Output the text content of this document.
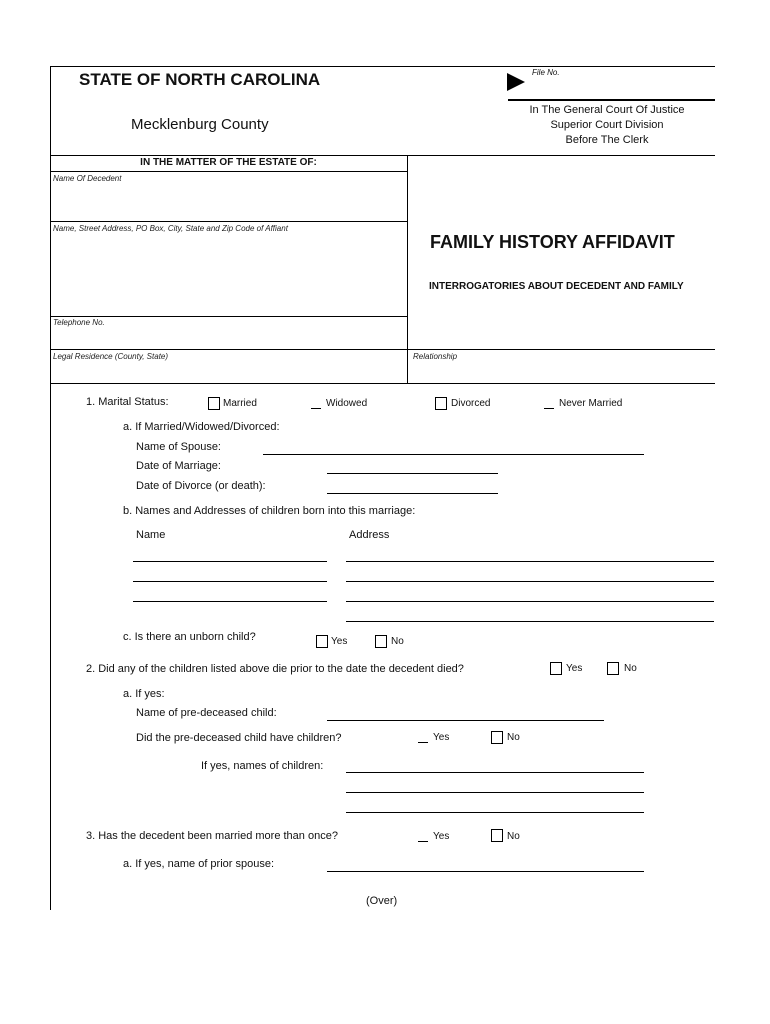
STATE OF NORTH CAROLINA
Mecklenburg County
File No.
In The General Court Of Justice
Superior Court Division
Before The Clerk
IN THE MATTER OF THE ESTATE OF:
Name Of Decedent
Name, Street Address, PO Box, City, State and Zip Code of Affiant
Telephone No.
Legal Residence (County, State)	Relationship
FAMILY HISTORY AFFIDAVIT
INTERROGATORIES ABOUT DECEDENT AND FAMILY
1. Marital Status:	Married	Widowed	Divorced	Never Married
a. If Married/Widowed/Divorced:
Name of Spouse:
Date of Marriage:
Date of Divorce (or death):
b. Names and Addresses of children born into this marriage:
Name	Address
c. Is there an unborn child?	Yes	No
2. Did any of the children listed above die prior to the date the decedent died?	Yes	No
a. If yes:
Name of pre-deceased child:
Did the pre-deceased child have children?	Yes	No
If yes, names of children:
3. Has the decedent been married more than once?	Yes	No
a. If yes, name of prior spouse:
(Over)
